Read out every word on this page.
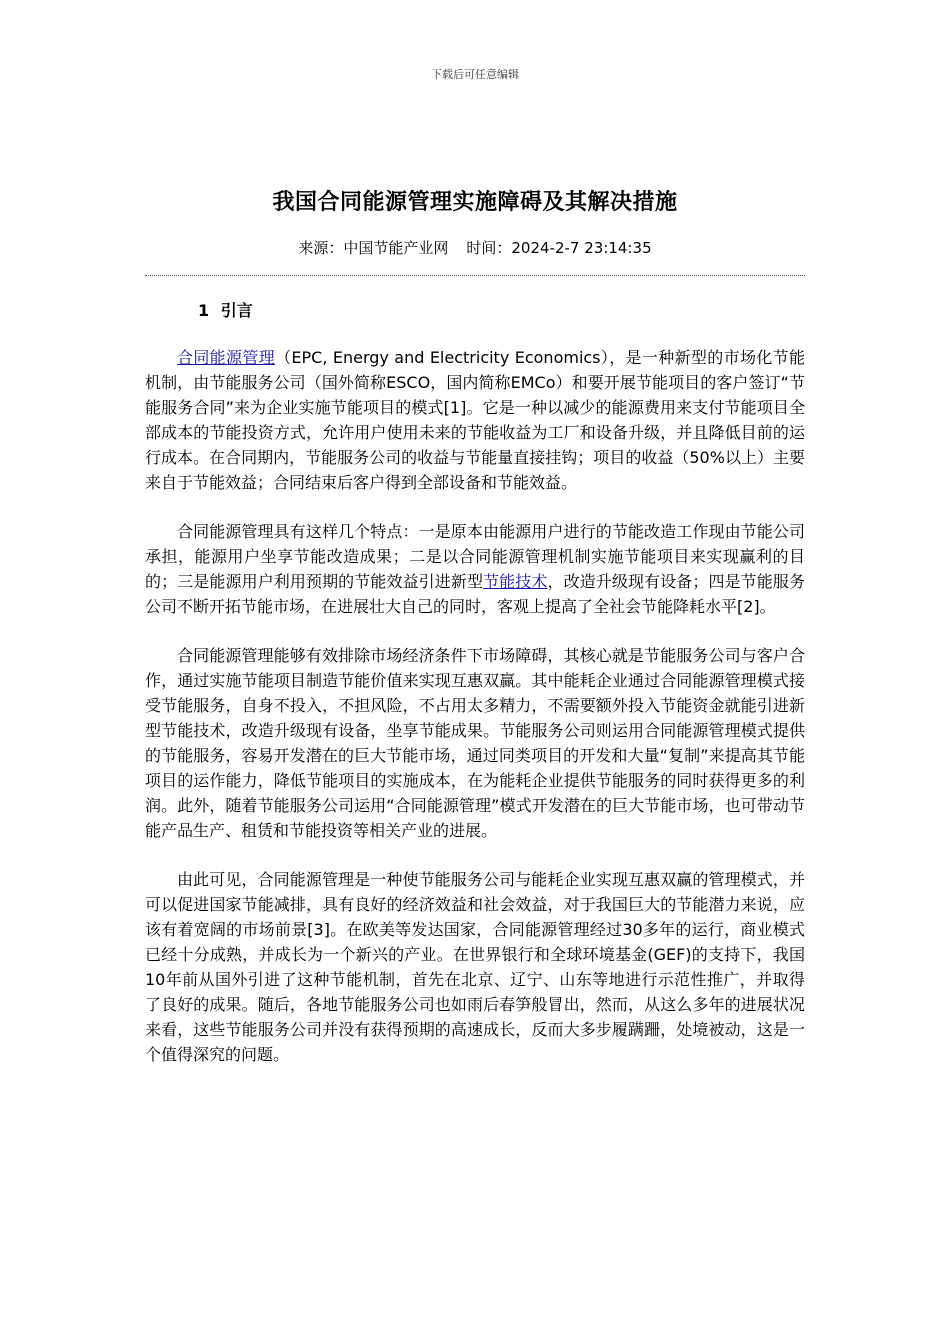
下载后可任意编辑
我国合同能源管理实施障碍及其解决措施
来源：中国节能产业网 时间：2024-2-7 23:14:35
1 引言

合同能源管理（EPC, Energy and Electricity Economics），是一种新型的市场化节能机制，由节能服务公司（国外简称ESCO，国内简称EMCo）和要开展节能项目的客户签订“节能服务合同”来为企业实施节能项目的模式[1]。它是一种以减少的能源费用来支付节能项目全部成本的节能投资方式，允许用户使用未来的节能收益为工厂和设备升级，并且降低目前的运行成本。在合同期内，节能服务公司的收益与节能量直接挂钩；项目的收益（50%以上）主要来自于节能效益；合同结束后客户得到全部设备和节能效益。

合同能源管理具有这样几个特点：一是原本由能源用户进行的节能改造工作现由节能公司承担，能源用户坐享节能改造成果；二是以合同能源管理机制实施节能项目来实现赢利的目的；三是能源用户利用预期的节能效益引进新型节能技术，改造升级现有设备；四是节能服务公司不断开拓节能市场，在进展壮大自己的同时，客观上提高了全社会节能降耗水平[2]。

合同能源管理能够有效排除市场经济条件下市场障碍，其核心就是节能服务公司与客户合作，通过实施节能项目制造节能价值来实现互惠双赢。其中能耗企业通过合同能源管理模式接受节能服务，自身不投入，不担风险，不占用太多精力，不需要额外投入节能资金就能引进新型节能技术，改造升级现有设备，坐享节能成果。节能服务公司则运用合同能源管理模式提供的节能服务，容易开发潜在的巨大节能市场，通过同类项目的开发和大量“复制”来提高其节能项目的运作能力，降低节能项目的实施成本，在为能耗企业提供节能服务的同时获得更多的利润。此外，随着节能服务公司运用“合同能源管理”模式开发潜在的巨大节能市场，也可带动节能产品生产、租赁和节能投资等相关产业的进展。

由此可见，合同能源管理是一种使节能服务公司与能耗企业实现互惠双赢的管理模式，并可以促进国家节能减排，具有良好的经济效益和社会效益，对于我国巨大的节能潜力来说，应该有着宽阔的市场前景[3]。在欧美等发达国家，合同能源管理经过30多年的运行，商业模式已经十分成熟，并成长为一个新兴的产业。在世界银行和全球环境基金(GEF)的支持下，我国10年前从国外引进了这种节能机制，首先在北京、辽宁、山东等地进行示范性推广，并取得了良好的成果。随后，各地节能服务公司也如雨后春笋般冒出，然而，从这么多年的进展状况来看，这些节能服务公司并没有获得预期的高速成长，反而大多步履蹒跚，处境被动，这是一个值得深究的问题。
